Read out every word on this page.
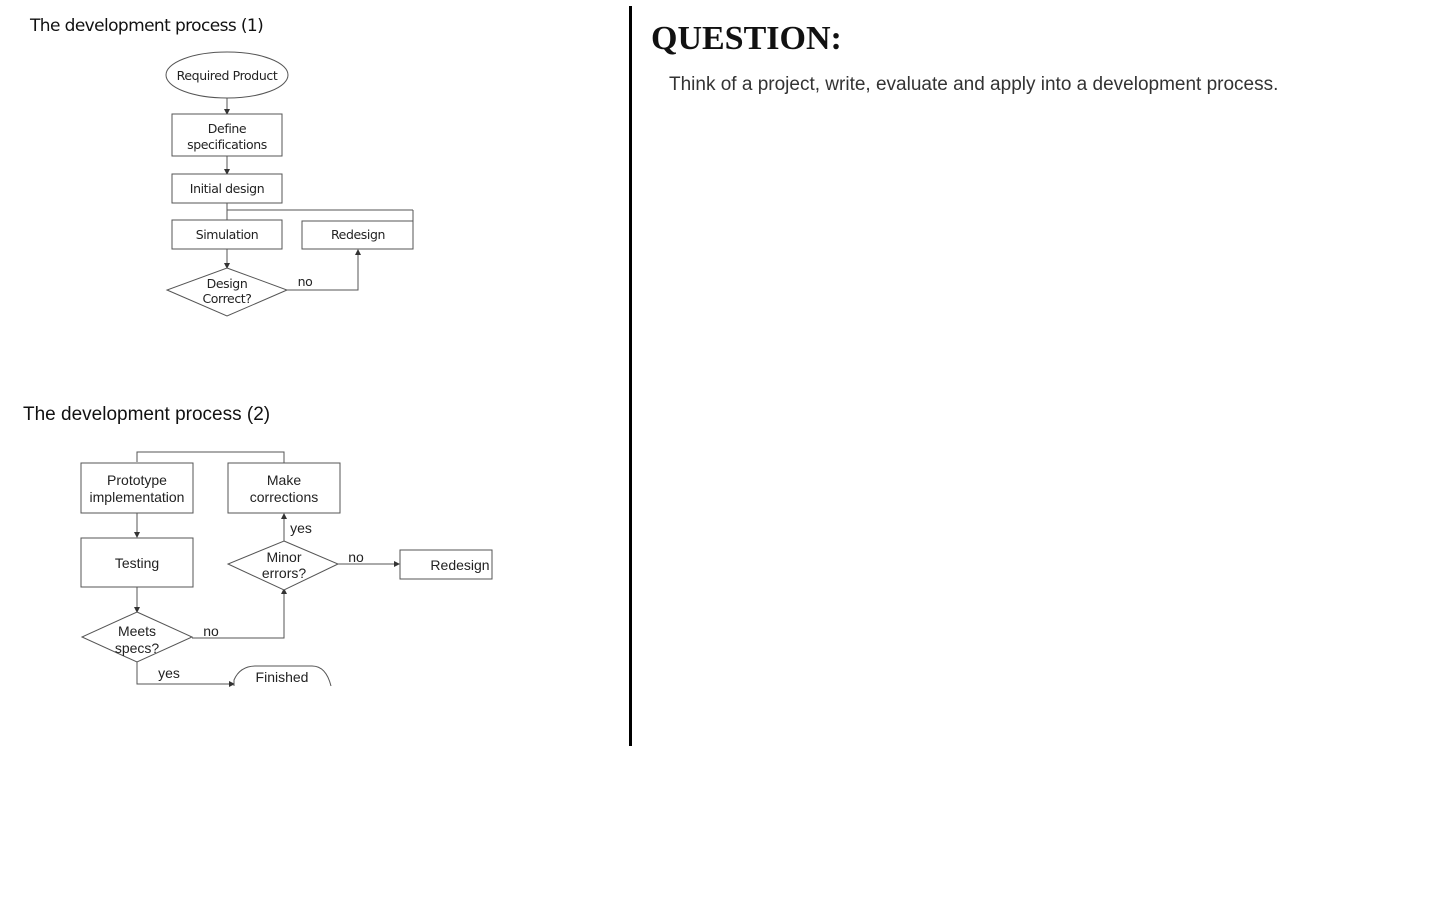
The development process (1)
Required Product
Define
specifications
Initial design
Simulation	Redesign
Design
Correct?
no
The development process (2)
Prototype
implementation
Make
corrections
Testing	Minor
errors?	Redesign
Meets
specs?
Finished
yes
no
no
yes
QUESTION:
Think of a project, write, evaluate and apply into a development process.
